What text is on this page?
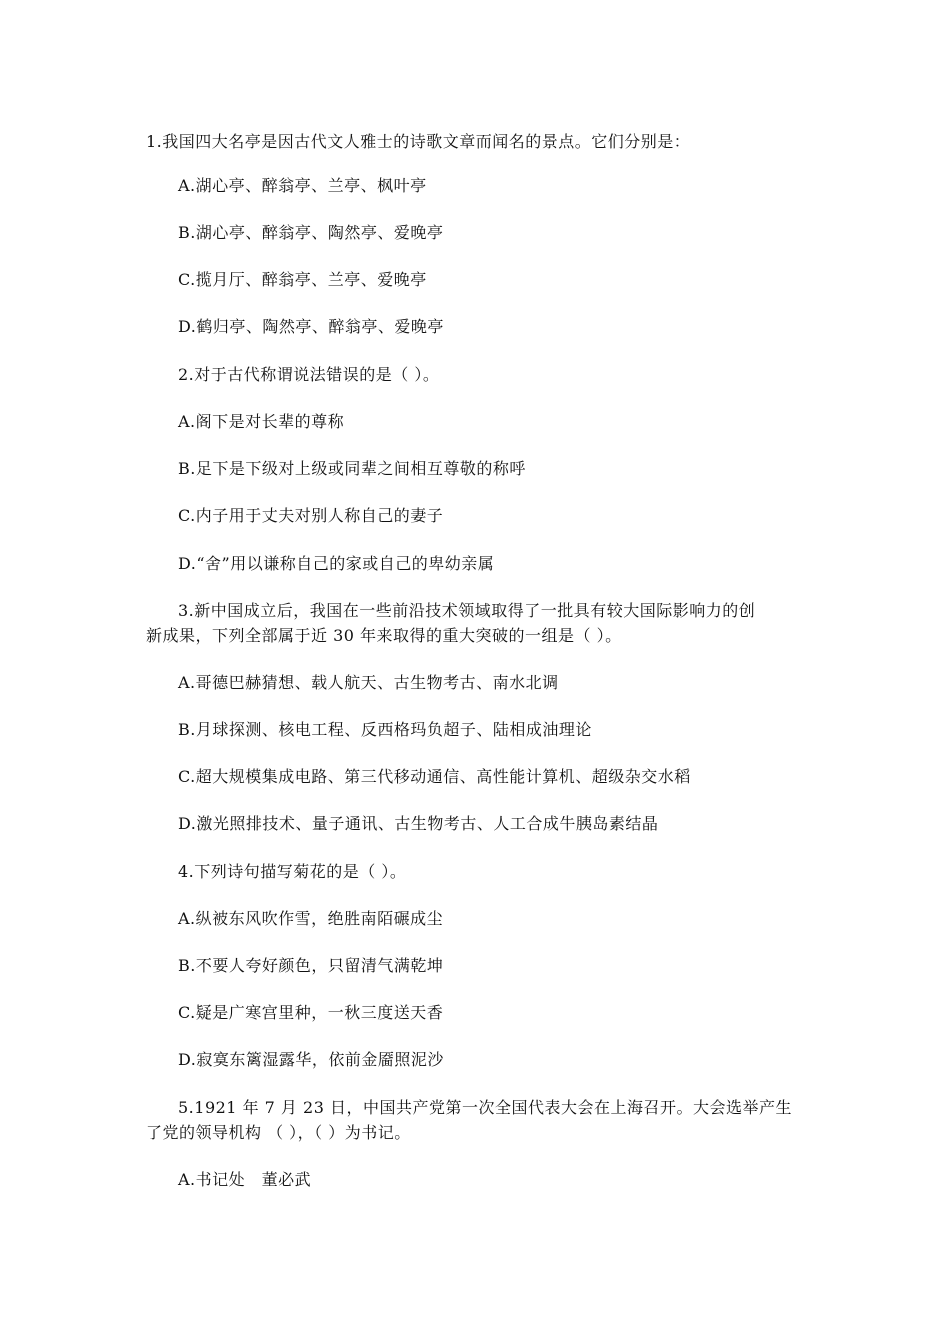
1.我国四大名亭是因古代文人雅士的诗歌文章而闻名的景点。它们分别是：
A.湖心亭、醉翁亭、兰亭、枫叶亭
B.湖心亭、醉翁亭、陶然亭、爱晚亭
C.揽月厅、醉翁亭、兰亭、爱晚亭
D.鹤归亭、陶然亭、醉翁亭、爱晚亭
2.对于古代称谓说法错误的是（ ）。
A.阁下是对长辈的尊称
B.足下是下级对上级或同辈之间相互尊敬的称呼
C.内子用于丈夫对别人称自己的妻子
D.“舍”用以谦称自己的家或自己的卑幼亲属
3.新中国成立后，我国在一些前沿技术领域取得了一批具有较大国际影响力的创
新成果，下列全部属于近 30 年来取得的重大突破的一组是（ ）。
A.哥德巴赫猜想、载人航天、古生物考古、南水北调
B.月球探测、核电工程、反西格玛负超子、陆相成油理论
C.超大规模集成电路、第三代移动通信、高性能计算机、超级杂交水稻
D.激光照排技术、量子通讯、古生物考古、人工合成牛胰岛素结晶
4.下列诗句描写菊花的是（ ）。
A.纵被东风吹作雪，绝胜南陌碾成尘
B.不要人夸好颜色，只留清气满乾坤
C.疑是广寒宫里种，一秋三度送天香
D.寂寞东篱湿露华，依前金靥照泥沙
5.1921 年 7 月 23 日，中国共产党第一次全国代表大会在上海召开。大会选举产生
了党的领导机构 （ ），（ ）为书记。
A.书记处　董必武
